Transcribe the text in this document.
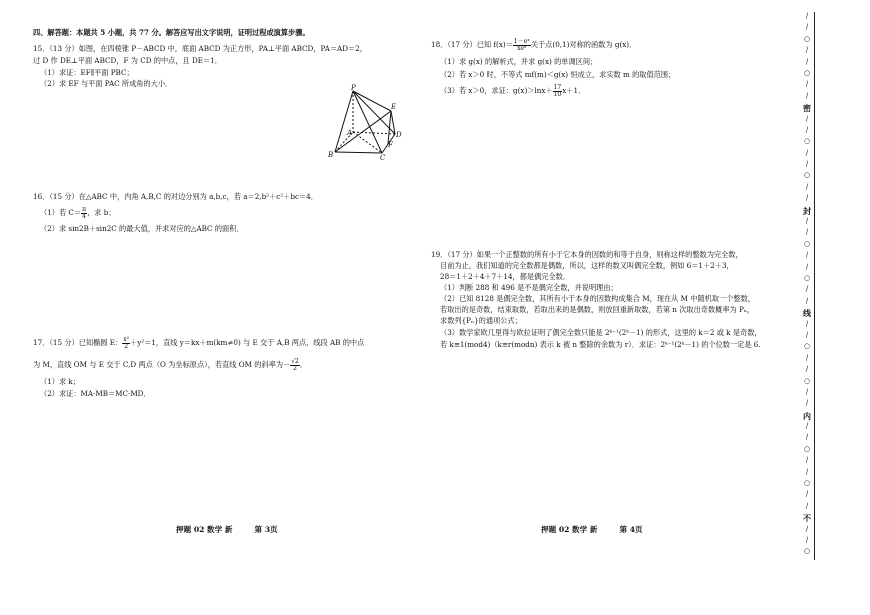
四、解答题：本题共 5 小题，共 77 分。解答应写出文字说明，证明过程或演算步骤。
15．（13 分）如图，在四棱锥 P－ABCD 中，底面 ABCD 为正方形，PA⊥平面 ABCD，PA＝AD＝2，
过 D 作 DE⊥平面 ABCD，F 为 CD 的中点，且 DE＝1．
（1）求证：EF∥平面 PBC；
（2）求 EF 与平面 PAC 所成角的大小．	P
E
A	D
F
B	C
16．（15 分）在△ABC 中，内角 A,B,C 的对边分别为 a,b,c，若 a＝2,b²＋c²＋bc＝4．
（1）若 $C= \frac{\pi}{4}$ ，求 b；
（2）求 sin2B＋sin2C 的最大值，并求对应的△ABC 的面积．
17．（15 分）已知椭圆 E： $\frac{\text{x²}}{2} +y^2=1$，直线 y＝kx＋m(km≠0) 与 E 交于 A,B 两点，线段 AB 的中点
为 M，直线 OM 与 E 交于 C,D 两点（O 为坐标原点），若直线 OM 的斜率为－ $\frac{√2}{2}$ ．
（1）求 k；
（2）求证：MA·MB＝MC·MD．
押题 02 数学 新	第 3页
18．（17 分）已知 $f(x)= \frac{\text{1－eˣ}}{\text{xeˣ}}$ 关于点(0,1)对称的函数为 g(x)．
（1）求 g(x) 的解析式，并求 g(x) 的单调区间；
（2）若 x＞0 时，不等式 mf(m)＜g(x) 恒成立，求实数 m 的取值范围；
（3）若 x＞0，求证：$g(x)>\ln x+ \frac{17}{10} x+1$．
19．（17 分）如果一个正整数的所有小于它本身的因数的和等于自身，则称这样的整数为完全数，
目前为止，我们知道的完全数都是偶数，所以，这样的数又叫偶完全数，例如 6＝1＋2＋3，
28＝1＋2＋4＋7＋14，都是偶完全数．
（1）判断 288 和 496 是不是偶完全数，并说明理由；
（2）已知 8128 是偶完全数，其所有小于本身的因数构成集合 M，现在从 M 中随机取一个整数，
若取出的是奇数，结束取数，若取出来的是偶数，则放回重新取数，若第 n 次取出奇数概率为 Pₙ，
求数列{Pₙ}的通项公式；
（3）数学家欧几里得与欧拉证明了偶完全数只能是 2ᵏ⁻¹(2ᵏ－1) 的形式，这里的 k＝2 或 k 是奇数，
若 k≡1(mod4)（k≡r(modn) 表示 k 被 n 整除的余数为 r）．求证：2ᵏ⁻¹(2ᵏ－1) 的个位数一定是 6.
押题 02 数学 新	第 4页
/
/
○
/
/
○
/
/
密
/
/
○
/
/
○
/
/
封
/
/
○
/
/
○
/
/
线
/
/
○
/
/
○
/
/
内
/
/
○
/
/
○
/
/
不
/
/
○
